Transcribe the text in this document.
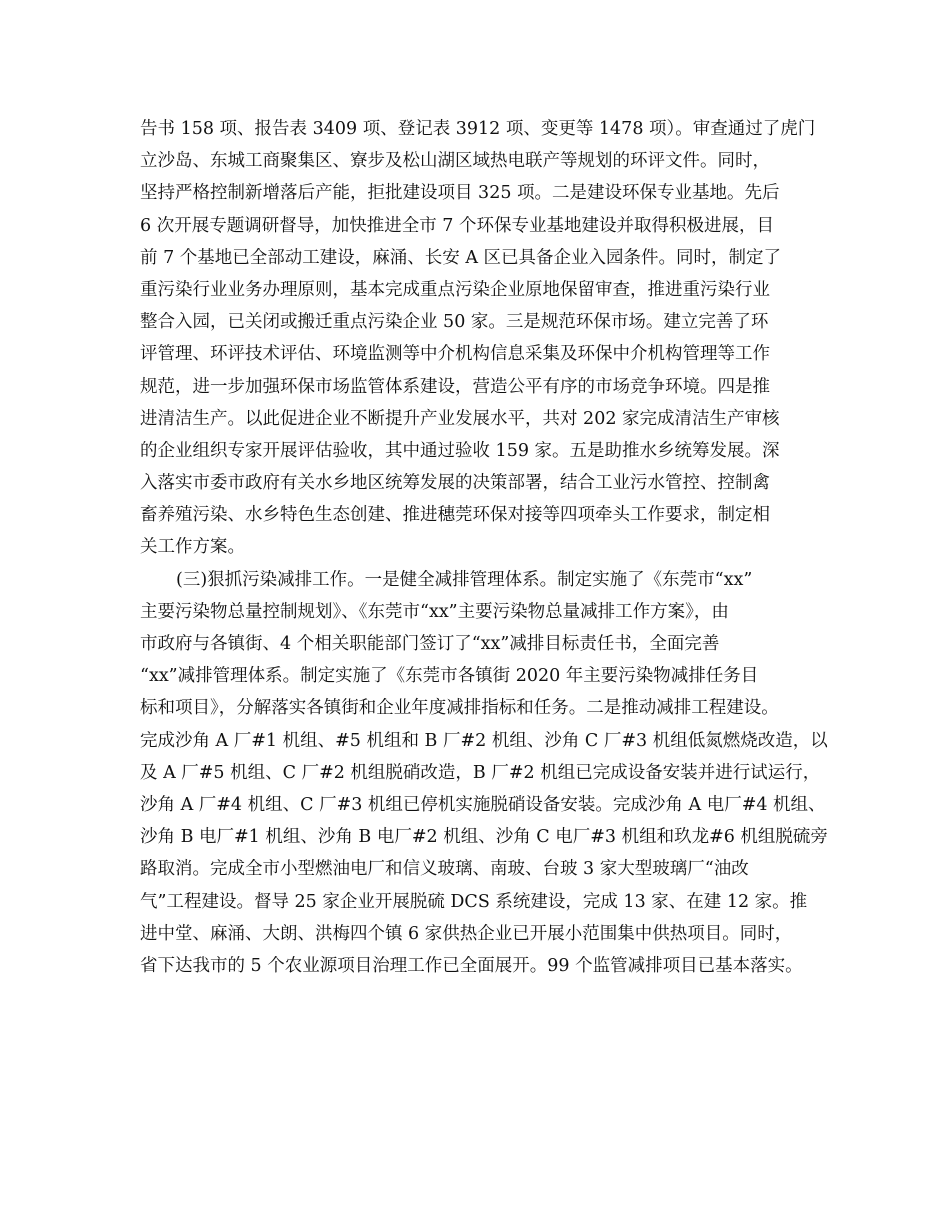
告书 158 项、报告表 3409 项、登记表 3912 项、变更等 1478 项）。审查通过了虎门
立沙岛、东城工商聚集区、寮步及松山湖区域热电联产等规划的环评文件。同时，
坚持严格控制新增落后产能，拒批建设项目 325 项。二是建设环保专业基地。先后
6 次开展专题调研督导，加快推进全市 7 个环保专业基地建设并取得积极进展，目
前 7 个基地已全部动工建设，麻涌、长安 A 区已具备企业入园条件。同时，制定了
重污染行业业务办理原则，基本完成重点污染企业原地保留审查，推进重污染行业
整合入园，已关闭或搬迁重点污染企业 50 家。三是规范环保市场。建立完善了环
评管理、环评技术评估、环境监测等中介机构信息采集及环保中介机构管理等工作
规范，进一步加强环保市场监管体系建设，营造公平有序的市场竞争环境。四是推
进清洁生产。以此促进企业不断提升产业发展水平，共对 202 家完成清洁生产审核
的企业组织专家开展评估验收，其中通过验收 159 家。五是助推水乡统筹发展。深
入落实市委市政府有关水乡地区统筹发展的决策部署，结合工业污水管控、控制禽
畜养殖污染、水乡特色生态创建、推进穗莞环保对接等四项牵头工作要求，制定相
关工作方案。
(三)狠抓污染减排工作。一是健全减排管理体系。制定实施了《东莞市“xx”
主要污染物总量控制规划》、《东莞市“xx”主要污染物总量减排工作方案》，由
市政府与各镇街、4 个相关职能部门签订了“xx”减排目标责任书，全面完善
“xx”减排管理体系。制定实施了《东莞市各镇街 2020 年主要污染物减排任务目
标和项目》，分解落实各镇街和企业年度减排指标和任务。二是推动减排工程建设。
完成沙角 A 厂#1 机组、#5 机组和 B 厂#2 机组、沙角 C 厂#3 机组低氮燃烧改造，以
及 A 厂#5 机组、C 厂#2 机组脱硝改造，B 厂#2 机组已完成设备安装并进行试运行，
沙角 A 厂#4 机组、C 厂#3 机组已停机实施脱硝设备安装。完成沙角 A 电厂#4 机组、
沙角 B 电厂#1 机组、沙角 B 电厂#2 机组、沙角 C 电厂#3 机组和玖龙#6 机组脱硫旁
路取消。完成全市小型燃油电厂和信义玻璃、南玻、台玻 3 家大型玻璃厂“油改
气”工程建设。督导 25 家企业开展脱硫 DCS 系统建设，完成 13 家、在建 12 家。推
进中堂、麻涌、大朗、洪梅四个镇 6 家供热企业已开展小范围集中供热项目。同时，
省下达我市的 5 个农业源项目治理工作已全面展开。99 个监管减排项目已基本落实。
